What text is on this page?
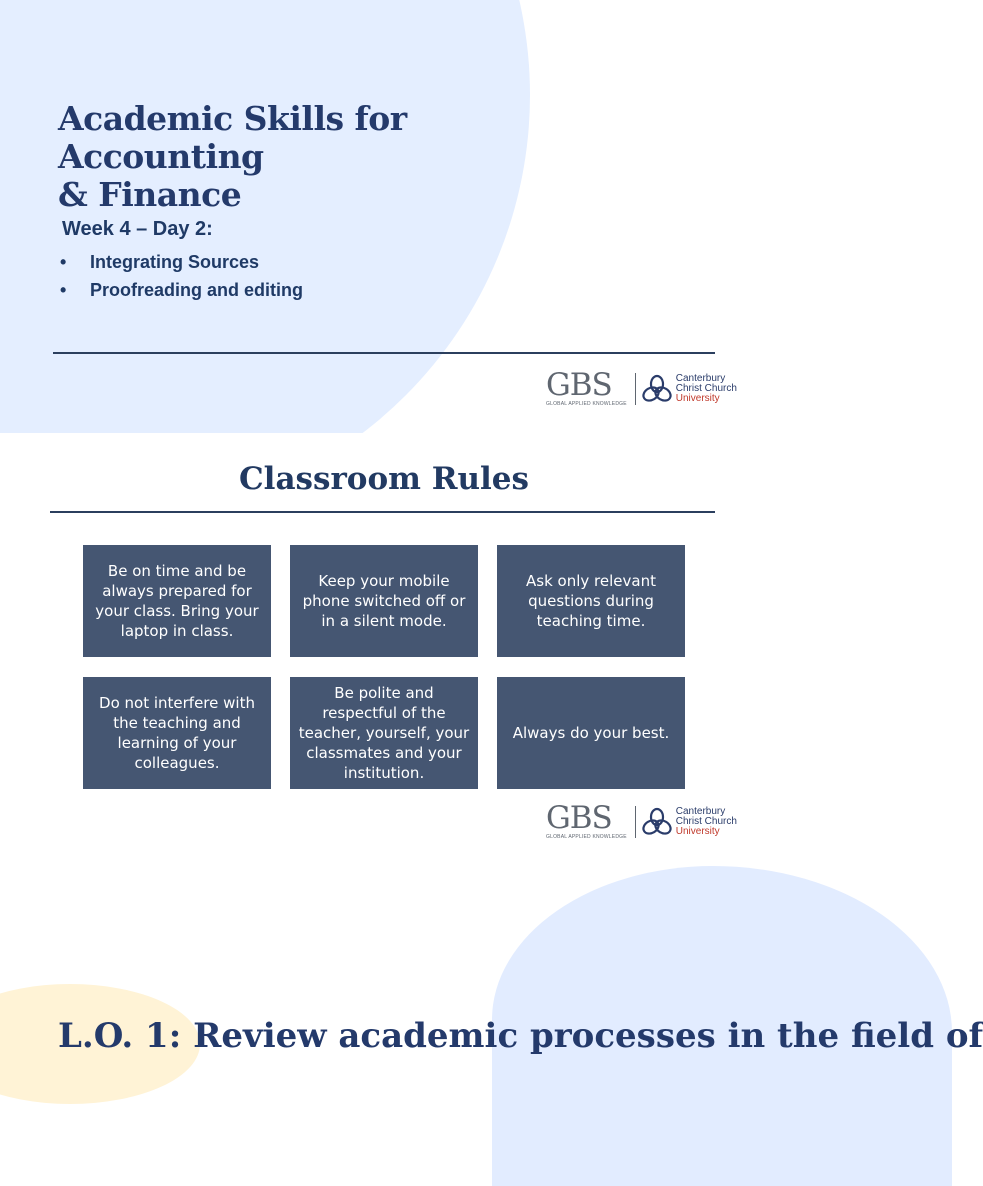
Academic Skills for Accounting
& Finance
Week 4 – Day 2:
•	Integrating Sources
•	Proofreading and editing
GBS
GLOBAL APPLIED KNOWLEDGE
Canterbury
Christ Church
University
Classroom Rules
Be on time and be always prepared for your class. Bring your laptop in class.
Keep your mobile phone switched off or in a silent mode.
Ask only relevant questions during teaching time.
Do not interfere with the teaching and learning of your colleagues.
Be polite and respectful of the teacher, yourself, your classmates and your institution.
Always do your best.
GBS
GLOBAL APPLIED KNOWLEDGE
Canterbury
Christ Church
University
L.O. 1: Review academic processes in the field of
